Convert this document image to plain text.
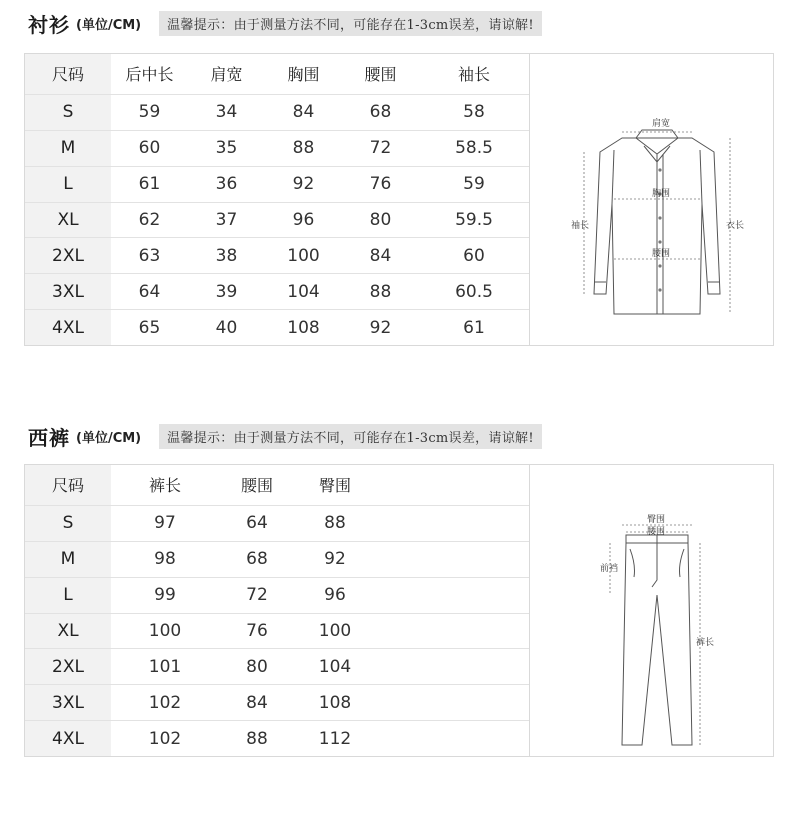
衬衫 (单位/CM)	温馨提示：由于测量方法不同，可能存在1-3cm误差，请谅解!
尺码	后中长	肩宽	胸围	腰围	袖长
S	59	34	84	68	58
M	60	35	88	72	58.5
L	61	36	92	76	59
XL	62	37	96	80	59.5
2XL	63	38	100	84	60
3XL	64	39	104	88	60.5
4XL	65	40	108	92	61
肩宽
胸围
腰围
袖长	衣长
西裤 (单位/CM)	温馨提示：由于测量方法不同，可能存在1-3cm误差，请谅解!
尺码	裤长	腰围	臀围	
S	97	64	88	
M	98	68	92	
L	99	72	96	
XL	100	76	100	
2XL	101	80	104	
3XL	102	84	108	
4XL	102	88	112	
臀围
腰围
前裆
裤长
